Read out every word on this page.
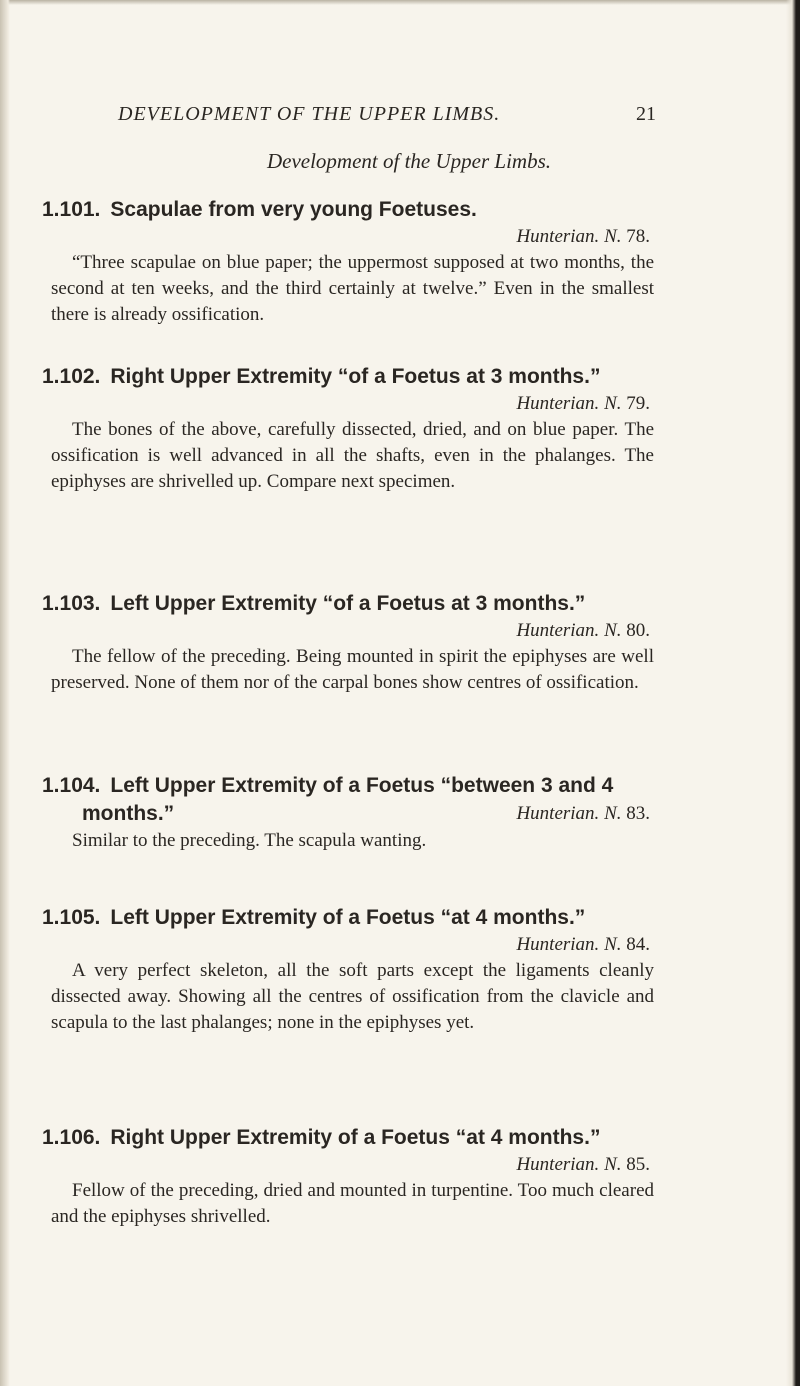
DEVELOPMENT OF THE UPPER LIMBS.	21
Development of the Upper Limbs.
1.101. Scapulae from very young Foetuses.
Hunterian. N. 78.
“Three scapulae on blue paper; the uppermost supposed at two months, the second at ten weeks, and the third certainly at twelve.” Even in the smallest there is already ossification.
1.102. Right Upper Extremity “of a Foetus at 3 months.”
Hunterian. N. 79.
The bones of the above, carefully dissected, dried, and on blue paper. The ossification is well advanced in all the shafts, even in the phalanges. The epiphyses are shrivelled up. Compare next specimen.
1.103. Left Upper Extremity “of a Foetus at 3 months.”
Hunterian. N. 80.
The fellow of the preceding. Being mounted in spirit the epiphyses are well preserved. None of them nor of the carpal bones show centres of ossification.
1.104. Left Upper Extremity of a Foetus “between 3 and 4
months.”	Hunterian. N. 83.
Similar to the preceding. The scapula wanting.
1.105. Left Upper Extremity of a Foetus “at 4 months.”
Hunterian. N. 84.
A very perfect skeleton, all the soft parts except the ligaments cleanly dissected away. Showing all the centres of ossification from the clavicle and scapula to the last phalanges; none in the epiphyses yet.
1.106. Right Upper Extremity of a Foetus “at 4 months.”
Hunterian. N. 85.
Fellow of the preceding, dried and mounted in turpentine. Too much cleared and the epiphyses shrivelled.
